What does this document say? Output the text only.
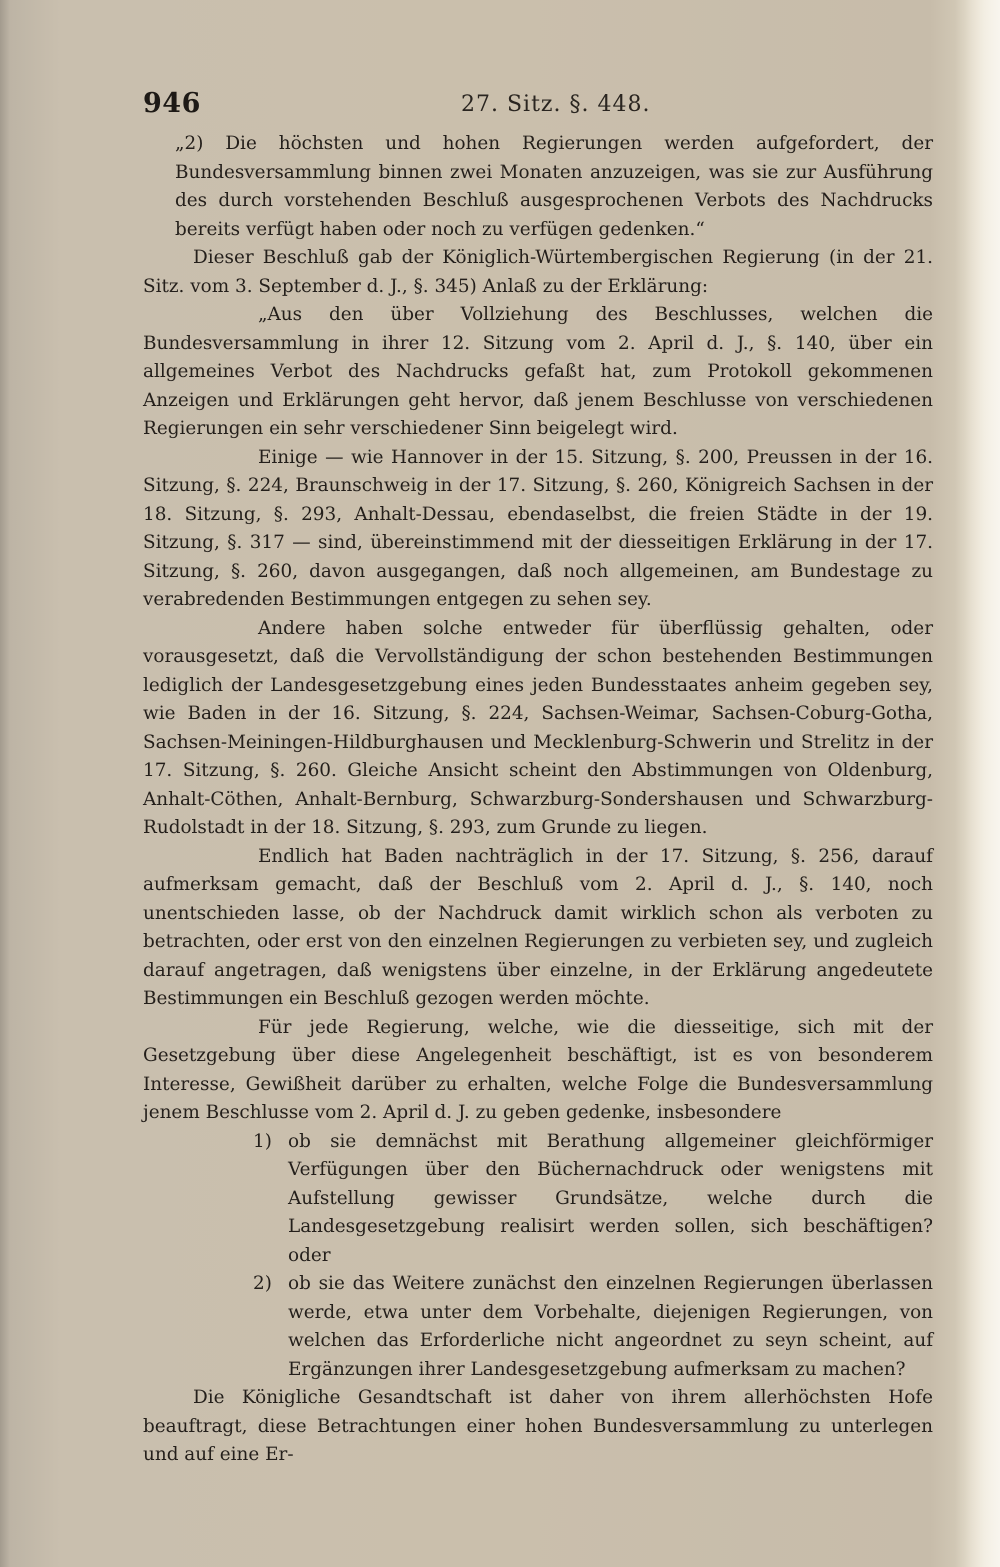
946	27. Sitz. §. 448.

„2) Die höchsten und hohen Regierungen werden aufgefordert, der Bundesversammlung binnen zwei Monaten anzuzeigen, was sie zur Ausführung des durch vorstehenden Beschluß ausgesprochenen Verbots des Nachdrucks bereits verfügt haben oder noch zu verfügen gedenken.“

Dieser Beschluß gab der Königlich-Würtembergischen Regierung (in der 21. Sitz. vom 3. September d. J., §. 345) Anlaß zu der Erklärung:

„Aus den über Vollziehung des Beschlusses, welchen die Bundesversammlung in ihrer 12. Sitzung vom 2. April d. J., §. 140, über ein allgemeines Verbot des Nachdrucks gefaßt hat, zum Protokoll gekommenen Anzeigen und Erklärungen geht hervor, daß jenem Beschlusse von verschiedenen Regierungen ein sehr verschiedener Sinn beigelegt wird.

Einige — wie Hannover in der 15. Sitzung, §. 200, Preussen in der 16. Sitzung, §. 224, Braunschweig in der 17. Sitzung, §. 260, Königreich Sachsen in der 18. Sitzung, §. 293, Anhalt-Dessau, ebendaselbst, die freien Städte in der 19. Sitzung, §. 317 — sind, übereinstimmend mit der diesseitigen Erklärung in der 17. Sitzung, §. 260, davon ausgegangen, daß noch allgemeinen, am Bundestage zu verabredenden Bestimmungen entgegen zu sehen sey.

Andere haben solche entweder für überflüssig gehalten, oder vorausgesetzt, daß die Vervollständigung der schon bestehenden Bestimmungen lediglich der Landesgesetzgebung eines jeden Bundesstaates anheim gegeben sey, wie Baden in der 16. Sitzung, §. 224, Sachsen-Weimar, Sachsen-Coburg-Gotha, Sachsen-Meiningen-Hildburghausen und Mecklenburg-Schwerin und Strelitz in der 17. Sitzung, §. 260. Gleiche Ansicht scheint den Abstimmungen von Oldenburg, Anhalt-Cöthen, Anhalt-Bernburg, Schwarzburg-Sondershausen und Schwarzburg-Rudolstadt in der 18. Sitzung, §. 293, zum Grunde zu liegen.

Endlich hat Baden nachträglich in der 17. Sitzung, §. 256, darauf aufmerksam gemacht, daß der Beschluß vom 2. April d. J., §. 140, noch unentschieden lasse, ob der Nachdruck damit wirklich schon als verboten zu betrachten, oder erst von den einzelnen Regierungen zu verbieten sey, und zugleich darauf angetragen, daß wenigstens über einzelne, in der Erklärung angedeutete Bestimmungen ein Beschluß gezogen werden möchte.

Für jede Regierung, welche, wie die diesseitige, sich mit der Gesetzgebung über diese Angelegenheit beschäftigt, ist es von besonderem Interesse, Gewißheit darüber zu erhalten, welche Folge die Bundesversammlung jenem Beschlusse vom 2. April d. J. zu geben gedenke, insbesondere

1) ob sie demnächst mit Berathung allgemeiner gleichförmiger Verfügungen über den Büchernachdruck oder wenigstens mit Aufstellung gewisser Grundsätze, welche durch die Landesgesetzgebung realisirt werden sollen, sich beschäftigen? oder

2) ob sie das Weitere zunächst den einzelnen Regierungen überlassen werde, etwa unter dem Vorbehalte, diejenigen Regierungen, von welchen das Erforderliche nicht angeordnet zu seyn scheint, auf Ergänzungen ihrer Landesgesetzgebung aufmerksam zu machen?

Die Königliche Gesandtschaft ist daher von ihrem allerhöchsten Hofe beauftragt, diese Betrachtungen einer hohen Bundesversammlung zu unterlegen und auf eine Er-
